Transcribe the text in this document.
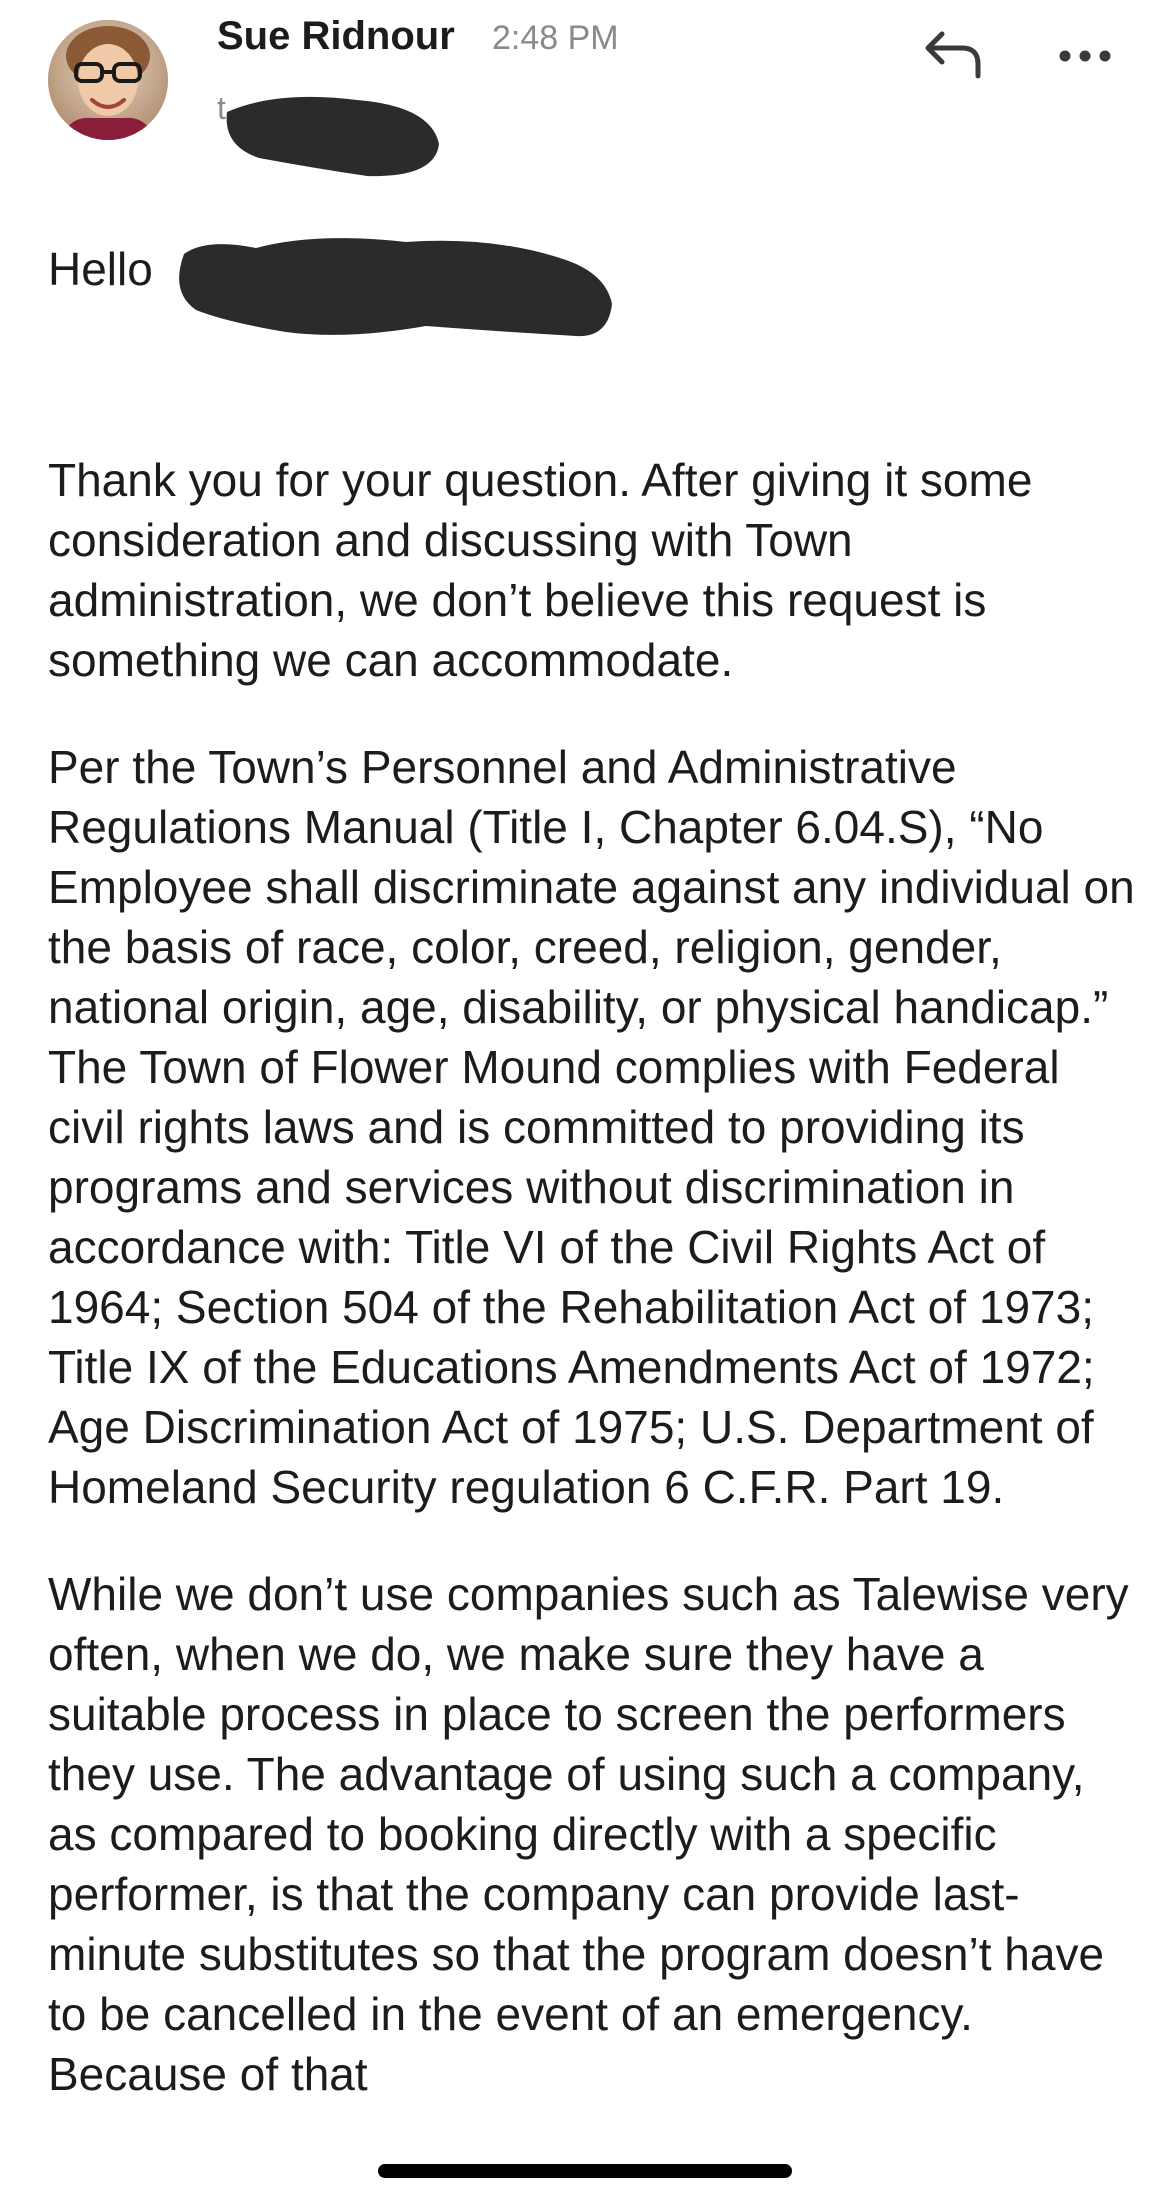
Sue Ridnour 2:48 PM
t
Hello

Thank you for your question. After giving it some consideration and discussing with Town administration, we don’t believe this request is something we can accommodate.

Per the Town’s Personnel and Administrative Regulations Manual (Title I, Chapter 6.04.S), “No Employee shall discriminate against any individual on the basis of race, color, creed, religion, gender, national origin, age, disability, or physical handicap.” The Town of Flower Mound complies with Federal civil rights laws and is committed to providing its programs and services without discrimination in accordance with: Title VI of the Civil Rights Act of 1964; Section 504 of the Rehabilitation Act of 1973; Title IX of the Educations Amendments Act of 1972; Age Discrimination Act of 1975; U.S. Department of Homeland Security regulation 6 C.F.R. Part 19.

While we don’t use companies such as Talewise very often, when we do, we make sure they have a suitable process in place to screen the performers they use. The advantage of using such a company, as compared to booking directly with a specific performer, is that the company can provide last-minute substitutes so that the program doesn’t have to be cancelled in the event of an emergency. Because of that
